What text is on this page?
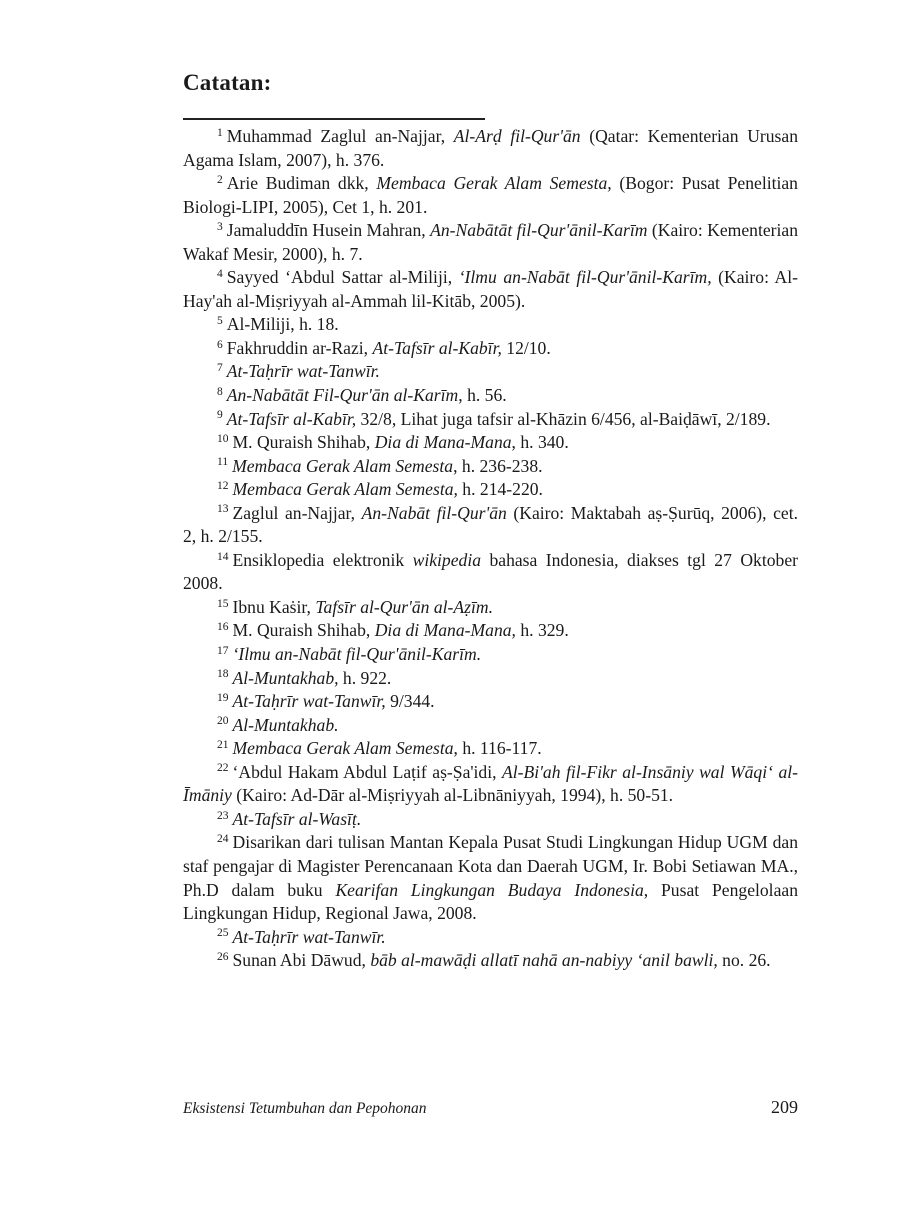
Catatan:

$^1$ Muhammad Zaglul an-Najjar, Al-Arḍ fil-Qur'ān (Qatar: Kementerian Urusan Agama Islam, 2007), h. 376.

$^2$ Arie Budiman dkk, Membaca Gerak Alam Semesta, (Bogor: Pusat Penelitian Biologi-LIPI, 2005), Cet 1, h. 201.

$^3$ Jamaluddīn Husein Mahran, An-Nabātāt fil-Qur'ānil-Karīm (Kairo: Kementerian Wakaf Mesir, 2000), h. 7.

$^4$ Sayyed ‘Abdul Sattar al-Miliji, ‘Ilmu an-Nabāt fil-Qur'ānil-Karīm, (Kairo: Al-Hay'ah al-Miṣriyyah al-Ammah lil-Kitāb, 2005).

$^5$ Al-Miliji, h. 18.

$^6$ Fakhruddin ar-Razi, At-Tafsīr al-Kabīr, 12/10.

$^7$ At-Taḥrīr wat-Tanwīr.

$^8$ An-Nabātāt Fil-Qur'ān al-Karīm, h. 56.

$^9$ At-Tafsīr al-Kabīr, 32/8, Lihat juga tafsir al-Khāzin 6/456, al-Baiḍāwī, 2/189.

$^{10}$ M. Quraish Shihab, Dia di Mana-Mana, h. 340.

$^{11}$ Membaca Gerak Alam Semesta, h. 236-238.

$^{12}$ Membaca Gerak Alam Semesta, h. 214-220.

$^{13}$ Zaglul an-Najjar, An-Nabāt fil-Qur'ān (Kairo: Maktabah aṣ-Ṣurūq, 2006), cet. 2, h. 2/155.

$^{14}$ Ensiklopedia elektronik wikipedia bahasa Indonesia, diakses tgl 27 Oktober 2008.

$^{15}$ Ibnu Kaṡir, Tafsīr al-Qur'ān al-Aẓīm.

$^{16}$ M. Quraish Shihab, Dia di Mana-Mana, h. 329.

$^{17}$ ‘Ilmu an-Nabāt fil-Qur'ānil-Karīm.

$^{18}$ Al-Muntakhab, h. 922.

$^{19}$ At-Taḥrīr wat-Tanwīr, 9/344.

$^{20}$ Al-Muntakhab.

$^{21}$ Membaca Gerak Alam Semesta, h. 116-117.

$^{22}$ ‘Abdul Hakam Abdul Laṭif aṣ-Ṣa'idi, Al-Bi'ah fil-Fikr al-Insāniy wal Wāqi‘ al-Īmāniy (Kairo: Ad-Dār al-Miṣriyyah al-Libnāniyyah, 1994), h. 50-51.

$^{23}$ At-Tafsīr al-Wasīṭ.

$^{24}$ Disarikan dari tulisan Mantan Kepala Pusat Studi Lingkungan Hidup UGM dan staf pengajar di Magister Perencanaan Kota dan Daerah UGM, Ir. Bobi Setiawan MA., Ph.D dalam buku Kearifan Lingkungan Budaya Indonesia, Pusat Pengelolaan Lingkungan Hidup, Regional Jawa, 2008.

$^{25}$ At-Taḥrīr wat-Tanwīr.

$^{26}$ Sunan Abi Dāwud, bāb al-mawāḍi allatī nahā an-nabiyy ‘anil bawli, no. 26.

Eksistensi Tetumbuhan dan Pepohonan	209
